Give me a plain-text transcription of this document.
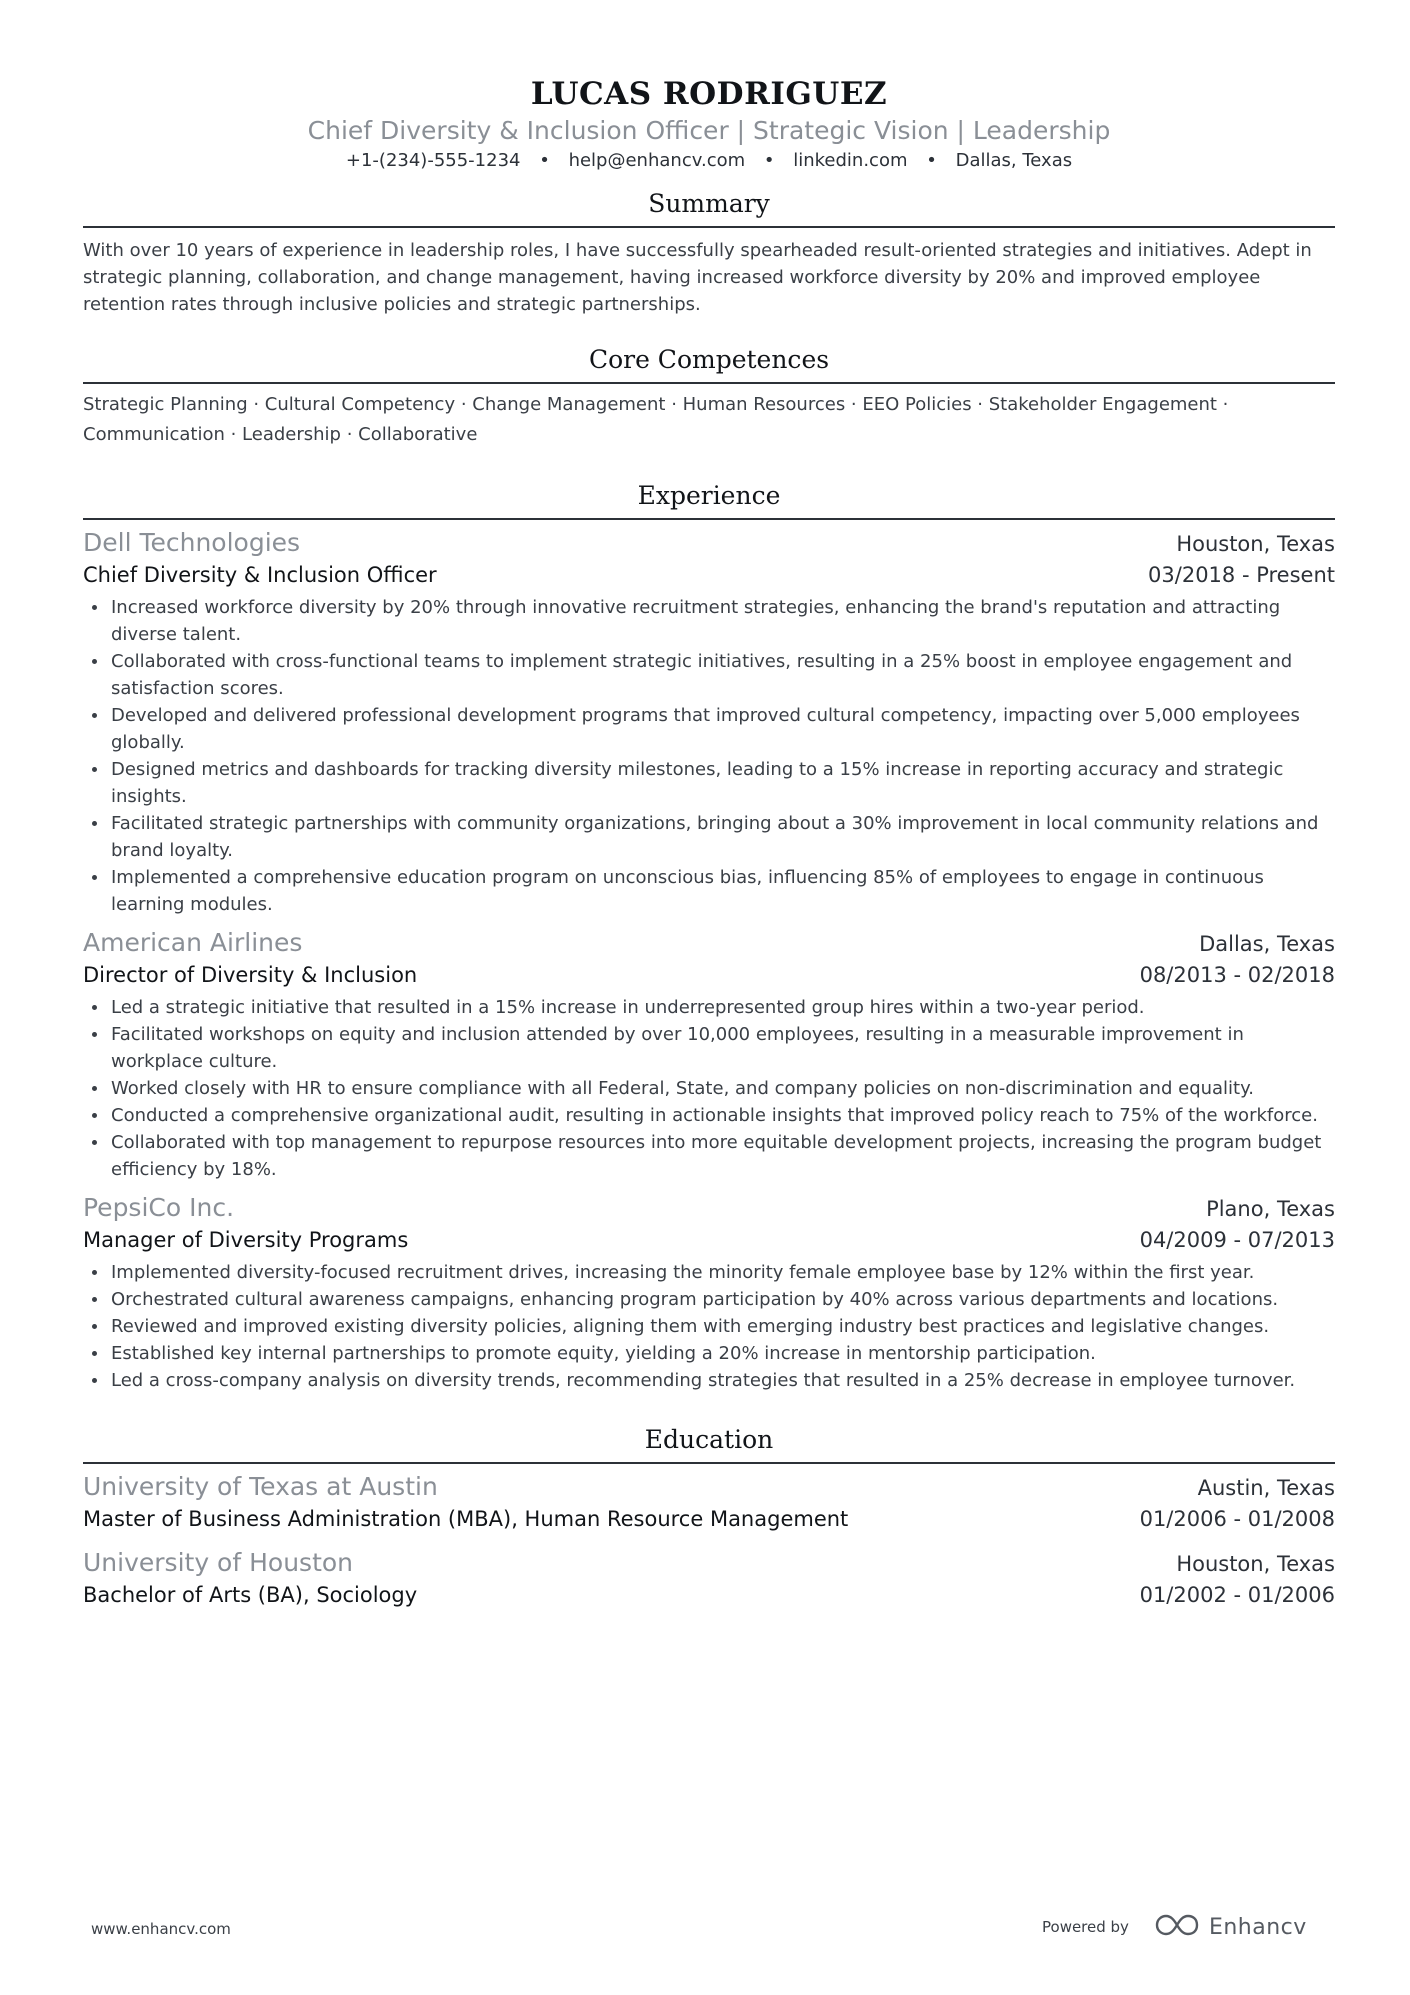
LUCAS RODRIGUEZ
Chief Diversity & Inclusion Officer | Strategic Vision | Leadership
+1-(234)-555-1234 • help@enhancv.com • linkedin.com • Dallas, Texas
Summary
With over 10 years of experience in leadership roles, I have successfully spearheaded result-oriented strategies and initiatives. Adept in strategic planning, collaboration, and change management, having increased workforce diversity by 20% and improved employee retention rates through inclusive policies and strategic partnerships.
Core Competences
Strategic Planning · Cultural Competency · Change Management · Human Resources · EEO Policies · Stakeholder Engagement ·
Communication · Leadership · Collaborative
Experience
Dell Technologies	Houston, Texas
Chief Diversity & Inclusion Officer	03/2018 - Present
Increased workforce diversity by 20% through innovative recruitment strategies, enhancing the brand's reputation and attracting diverse talent.
Collaborated with cross-functional teams to implement strategic initiatives, resulting in a 25% boost in employee engagement and satisfaction scores.
Developed and delivered professional development programs that improved cultural competency, impacting over 5,000 employees globally.
Designed metrics and dashboards for tracking diversity milestones, leading to a 15% increase in reporting accuracy and strategic insights.
Facilitated strategic partnerships with community organizations, bringing about a 30% improvement in local community relations and brand loyalty.
Implemented a comprehensive education program on unconscious bias, influencing 85% of employees to engage in continuous learning modules.
American Airlines	Dallas, Texas
Director of Diversity & Inclusion	08/2013 - 02/2018
Led a strategic initiative that resulted in a 15% increase in underrepresented group hires within a two-year period.
Facilitated workshops on equity and inclusion attended by over 10,000 employees, resulting in a measurable improvement in workplace culture.
Worked closely with HR to ensure compliance with all Federal, State, and company policies on non-discrimination and equality.
Conducted a comprehensive organizational audit, resulting in actionable insights that improved policy reach to 75% of the workforce.
Collaborated with top management to repurpose resources into more equitable development projects, increasing the program budget efficiency by 18%.
PepsiCo Inc.	Plano, Texas
Manager of Diversity Programs	04/2009 - 07/2013
Implemented diversity-focused recruitment drives, increasing the minority female employee base by 12% within the first year.
Orchestrated cultural awareness campaigns, enhancing program participation by 40% across various departments and locations.
Reviewed and improved existing diversity policies, aligning them with emerging industry best practices and legislative changes.
Established key internal partnerships to promote equity, yielding a 20% increase in mentorship participation.
Led a cross-company analysis on diversity trends, recommending strategies that resulted in a 25% decrease in employee turnover.
Education
University of Texas at Austin	Austin, Texas
Master of Business Administration (MBA), Human Resource Management	01/2006 - 01/2008
University of Houston	Houston, Texas
Bachelor of Arts (BA), Sociology	01/2002 - 01/2006
www.enhancv.com	Powered by	Enhancv
